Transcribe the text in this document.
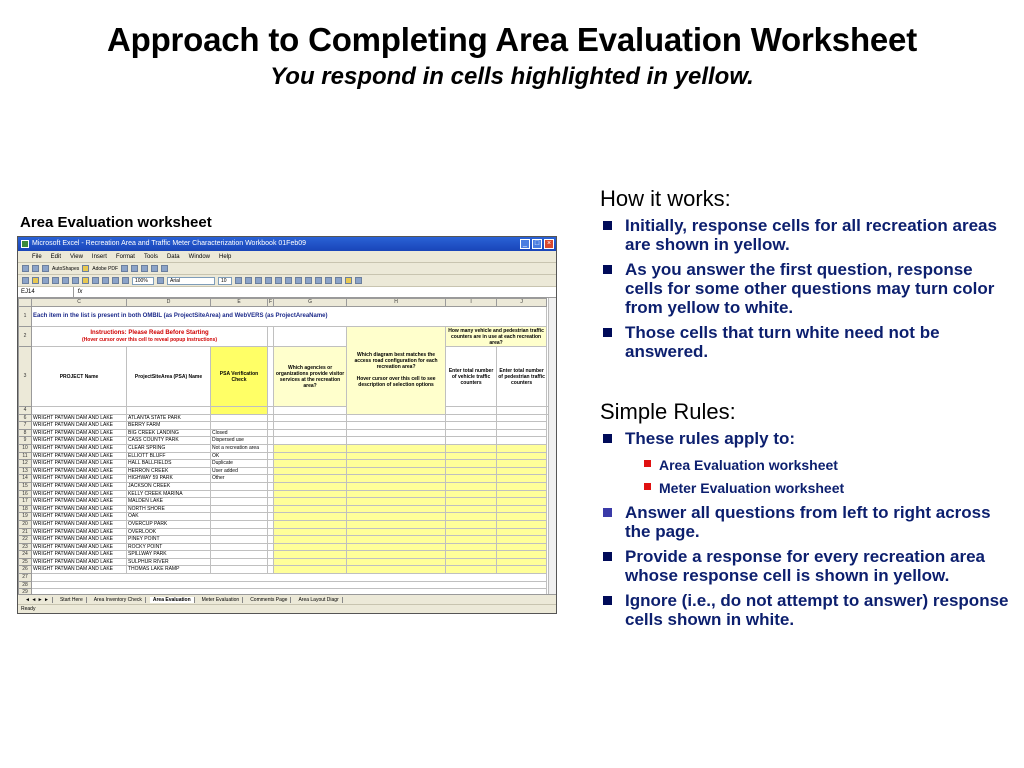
Approach to Completing Area Evaluation Worksheet
You respond in cells highlighted in yellow.
Area Evaluation worksheet
Microsoft Excel - Recreation Area and Traffic Meter Characterization Workbook 01Feb09	_	□	×
File Edit View Insert Format Tools Data Window Help
AutoShapes	Adobe PDF
100%	Arial	10
EJ14	fx
	C	D	E	F	G	H	I	J	
1	Each item in the list is present in both OMBIL (as ProjectSiteArea) and WebVERS (as ProjectAreaName)								
2	Instructions: Please Read Before Starting
(Hover cursor over this cell to reveal popup instructions)					Which diagram best matches the access road configuration for each recreation area?

Hover cursor over this cell to see description of selection options	How many vehicle and pedestrian traffic counters are in use at each recreation area?		
3	PROJECT Name	ProjectSiteArea (PSA) Name	PSA Verification Check		Which agencies or organizations provide visitor services at the recreation area?		Enter total number of vehicle traffic counters	Enter total number of pedestrian traffic counters	
4									
6	WRIGHT PATMAN DAM AND LAKE	ATLANTA STATE PARK							
7	WRIGHT PATMAN DAM AND LAKE	BERRY FARM							
8	WRIGHT PATMAN DAM AND LAKE	BIG CREEK LANDING	Closed						
9	WRIGHT PATMAN DAM AND LAKE	CASS COUNTY PARK	Dispersed use						
10	WRIGHT PATMAN DAM AND LAKE	CLEAR SPRING	Not a recreation area						
11	WRIGHT PATMAN DAM AND LAKE	ELLIOTT BLUFF	OK						
12	WRIGHT PATMAN DAM AND LAKE	HALL BALLFIELDS	Duplicate						
13	WRIGHT PATMAN DAM AND LAKE	HERRON CREEK	User added						
14	WRIGHT PATMAN DAM AND LAKE	HIGHWAY 59 PARK	Other						
15	WRIGHT PATMAN DAM AND LAKE	JACKSON CREEK							
16	WRIGHT PATMAN DAM AND LAKE	KELLY CREEK MARINA							
17	WRIGHT PATMAN DAM AND LAKE	MALDEN LAKE							
18	WRIGHT PATMAN DAM AND LAKE	NORTH SHORE							
19	WRIGHT PATMAN DAM AND LAKE	OAK							
20	WRIGHT PATMAN DAM AND LAKE	OVERCUP PARK							
21	WRIGHT PATMAN DAM AND LAKE	OVERLOOK							
22	WRIGHT PATMAN DAM AND LAKE	PINEY POINT							
23	WRIGHT PATMAN DAM AND LAKE	ROCKY POINT							
24	WRIGHT PATMAN DAM AND LAKE	SPILLWAY PARK							
25	WRIGHT PATMAN DAM AND LAKE	SULPHUR RIVER							
26	WRIGHT PATMAN DAM AND LAKE	THOMAS LAKE RAMP							
27									
28									
29									
◄ ◄ ► ►	Start Here	Area Inventory Check	Area Evaluation	Meter Evaluation	Comments Page	Area Layout Diagr
Ready
How it works:
Initially, response cells for all recreation areas are shown in yellow.
As you answer the first question, response cells for some other questions may turn color from yellow to white.
Those cells that turn white need not be answered.
Simple Rules:
These rules apply to:
Area Evaluation worksheet
Meter Evaluation worksheet
Answer all questions from left to right across the page.
Provide a response for every recreation area whose response cell is shown in yellow.
Ignore (i.e., do not attempt to answer) response cells shown in white.
